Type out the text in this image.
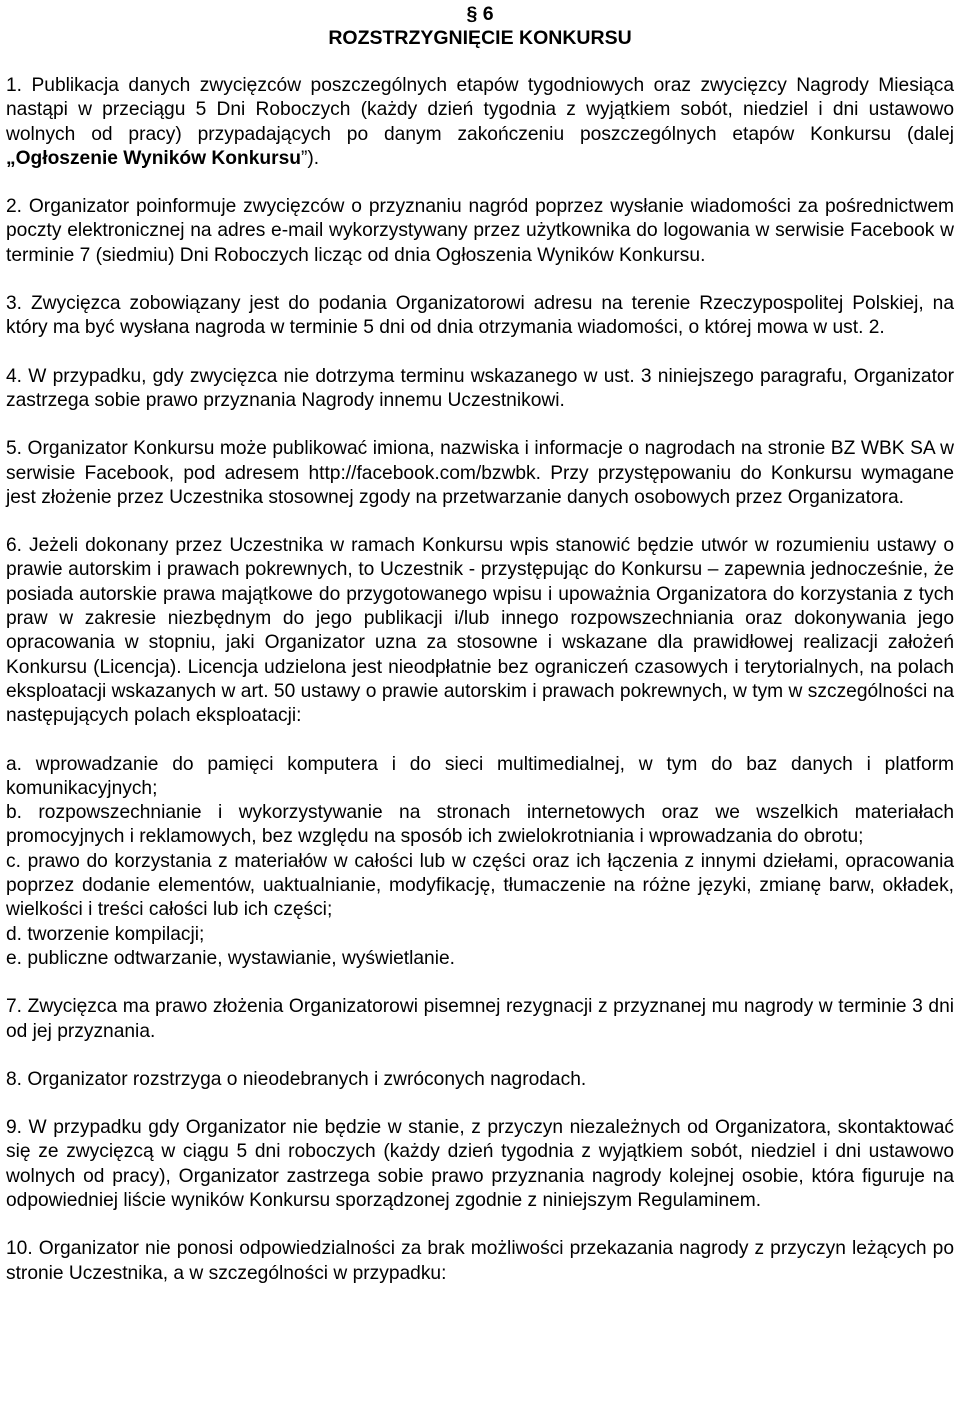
§ 6
ROZSTRZYGNIĘCIE KONKURSU

1. Publikacja danych zwycięzców poszczególnych etapów tygodniowych oraz zwycięzcy Nagrody Miesiąca nastąpi w przeciągu 5 Dni Roboczych (każdy dzień tygodnia z wyjątkiem sobót, niedziel i dni ustawowo wolnych od pracy) przypadających po danym zakończeniu poszczególnych etapów Konkursu (dalej „Ogłoszenie Wyników Konkursu”).

2. Organizator poinformuje zwycięzców o przyznaniu nagród poprzez wysłanie wiadomości za pośrednictwem poczty elektronicznej na adres e-mail wykorzystywany przez użytkownika do logowania w serwisie Facebook w terminie 7 (siedmiu) Dni Roboczych licząc od dnia Ogłoszenia Wyników Konkursu.

3. Zwycięzca zobowiązany jest do podania Organizatorowi adresu na terenie Rzeczypospolitej Polskiej, na który ma być wysłana nagroda w terminie 5 dni od dnia otrzymania wiadomości, o której mowa w ust. 2.

4. W przypadku, gdy zwycięzca nie dotrzyma terminu wskazanego w ust. 3 niniejszego paragrafu, Organizator zastrzega sobie prawo przyznania Nagrody innemu Uczestnikowi.

5. Organizator Konkursu może publikować imiona, nazwiska i informacje o nagrodach na stronie BZ WBK SA w serwisie Facebook, pod adresem http://facebook.com/bzwbk. Przy przystępowaniu do Konkursu wymagane jest złożenie przez Uczestnika stosownej zgody na przetwarzanie danych osobowych przez Organizatora.

6. Jeżeli dokonany przez Uczestnika w ramach Konkursu wpis stanowić będzie utwór w rozumieniu ustawy o prawie autorskim i prawach pokrewnych, to Uczestnik - przystępując do Konkursu – zapewnia jednocześnie, że posiada autorskie prawa majątkowe do przygotowanego wpisu i upoważnia Organizatora do korzystania z tych praw w zakresie niezbędnym do jego publikacji i/lub innego rozpowszechniania oraz dokonywania jego opracowania w stopniu, jaki Organizator uzna za stosowne i wskazane dla prawidłowej realizacji założeń Konkursu (Licencja). Licencja udzielona jest nieodpłatnie bez ograniczeń czasowych i terytorialnych, na polach eksploatacji wskazanych w art. 50 ustawy o prawie autorskim i prawach pokrewnych, w tym w szczególności na następujących polach eksploatacji:

a. wprowadzanie do pamięci komputera i do sieci multimedialnej, w tym do baz danych i platform komunikacyjnych;

b. rozpowszechnianie i wykorzystywanie na stronach internetowych oraz we wszelkich materiałach promocyjnych i reklamowych, bez względu na sposób ich zwielokrotniania i wprowadzania do obrotu;

c. prawo do korzystania z materiałów w całości lub w części oraz ich łączenia z innymi dziełami, opracowania poprzez dodanie elementów, uaktualnianie, modyfikację, tłumaczenie na różne języki, zmianę barw, okładek, wielkości i treści całości lub ich części;

d. tworzenie kompilacji;

e. publiczne odtwarzanie, wystawianie, wyświetlanie.

7. Zwycięzca ma prawo złożenia Organizatorowi pisemnej rezygnacji z przyznanej mu nagrody w terminie 3 dni od jej przyznania.

8. Organizator rozstrzyga o nieodebranych i zwróconych nagrodach.

9. W przypadku gdy Organizator nie będzie w stanie, z przyczyn niezależnych od Organizatora, skontaktować się ze zwycięzcą w ciągu 5 dni roboczych (każdy dzień tygodnia z wyjątkiem sobót, niedziel i dni ustawowo wolnych od pracy), Organizator zastrzega sobie prawo przyznania nagrody kolejnej osobie, która figuruje na odpowiedniej liście wyników Konkursu sporządzonej zgodnie z niniejszym Regulaminem.

10. Organizator nie ponosi odpowiedzialności za brak możliwości przekazania nagrody z przyczyn leżących po stronie Uczestnika, a w szczególności w przypadku:
